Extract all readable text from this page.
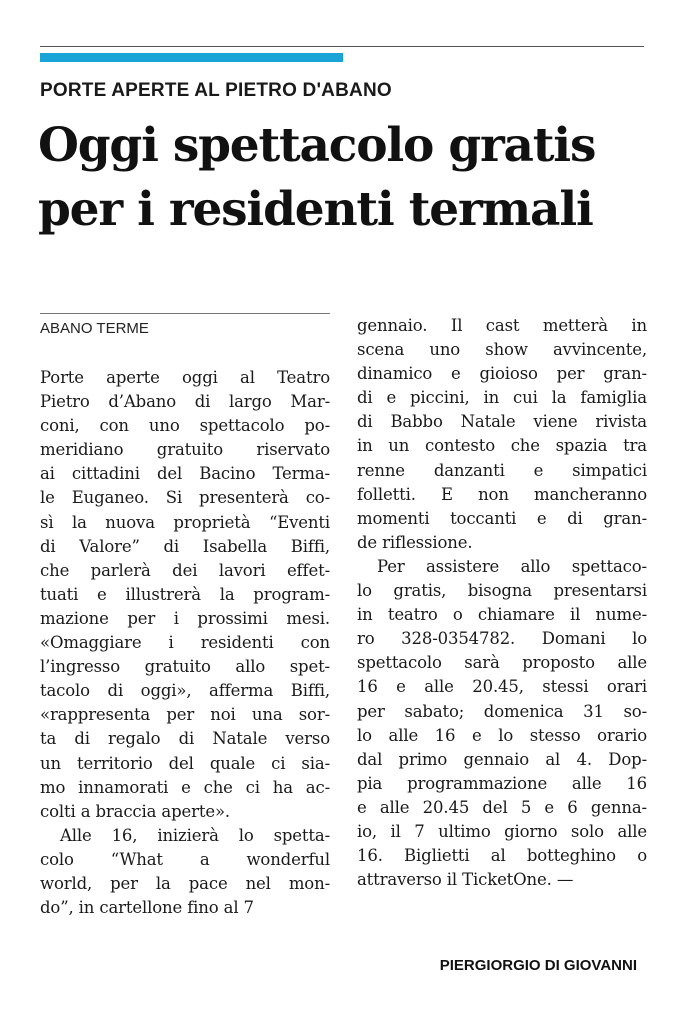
PORTE APERTE AL PIETRO D'ABANO
Oggi spettacolo gratis
per i residenti termali
ABANO TERME
Porte aperte oggi al Teatro
Pietro d’Abano di largo Mar-
coni, con uno spettacolo po-
meridiano gratuito riservato
ai cittadini del Bacino Terma-
le Euganeo. Si presenterà co-
sì la nuova proprietà “Eventi
di Valore” di Isabella Biffi,
che parlerà dei lavori effet-
tuati e illustrerà la program-
mazione per i prossimi mesi.
«Omaggiare i residenti con
l’ingresso gratuito allo spet-
tacolo di oggi», afferma Biffi,
«rappresenta per noi una sor-
ta di regalo di Natale verso
un territorio del quale ci sia-
mo innamorati e che ci ha ac-
colti a braccia aperte».
Alle 16, inizierà lo spetta-
colo “What a wonderful
world, per la pace nel mon-
do”, in cartellone fino al 7
gennaio. Il cast metterà in
scena uno show avvincente,
dinamico e gioioso per gran-
di e piccini, in cui la famiglia
di Babbo Natale viene rivista
in un contesto che spazia tra
renne danzanti e simpatici
folletti. E non mancheranno
momenti toccanti e di gran-
de riflessione.
Per assistere allo spettaco-
lo gratis, bisogna presentarsi
in teatro o chiamare il nume-
ro 328-0354782. Domani lo
spettacolo sarà proposto alle
16 e alle 20.45, stessi orari
per sabato; domenica 31 so-
lo alle 16 e lo stesso orario
dal primo gennaio al 4. Dop-
pia programmazione alle 16
e alle 20.45 del 5 e 6 genna-
io, il 7 ultimo giorno solo alle
16. Biglietti al botteghino o
attraverso il TicketOne. —
PIERGIORGIO DI GIOVANNI
